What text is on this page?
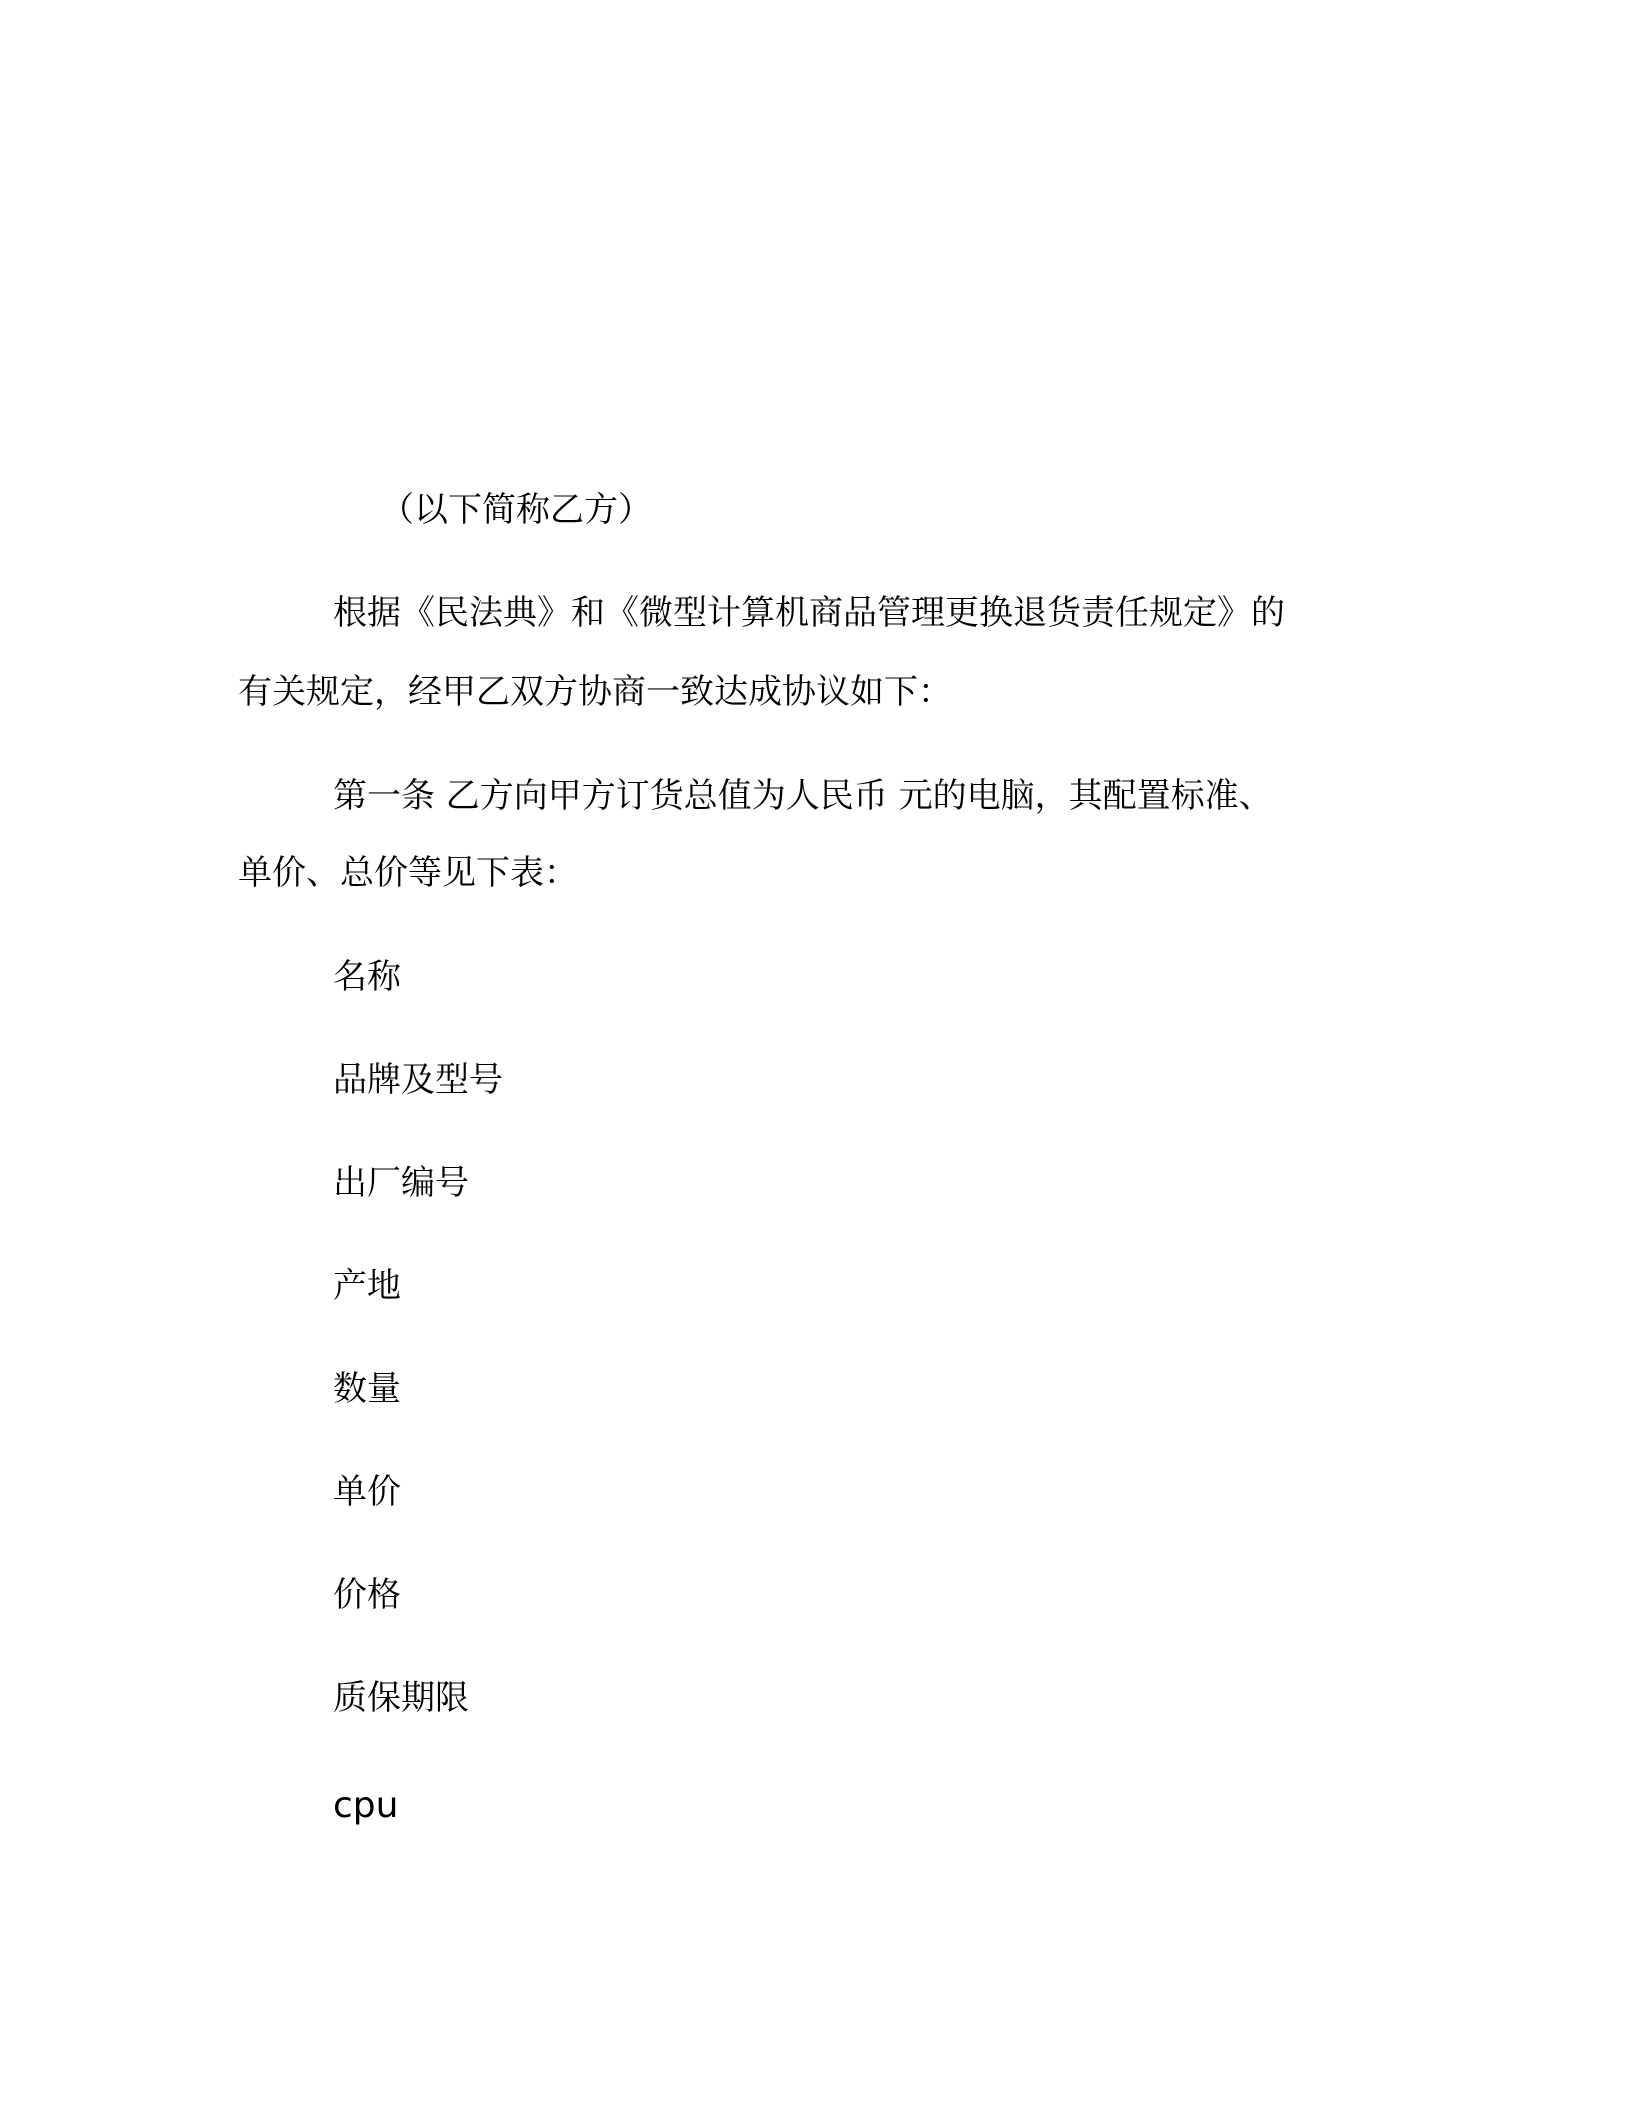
（以下简称乙方）
根据《民法典》和《微型计算机商品管理更换退货责任规定》的
有关规定，经甲乙双方协商一致达成协议如下：
第一条 乙方向甲方订货总值为人民币 元的电脑，其配置标准、
单价、总价等见下表：
名称
品牌及型号
出厂编号
产地
数量
单价
价格
质保期限
cpu
